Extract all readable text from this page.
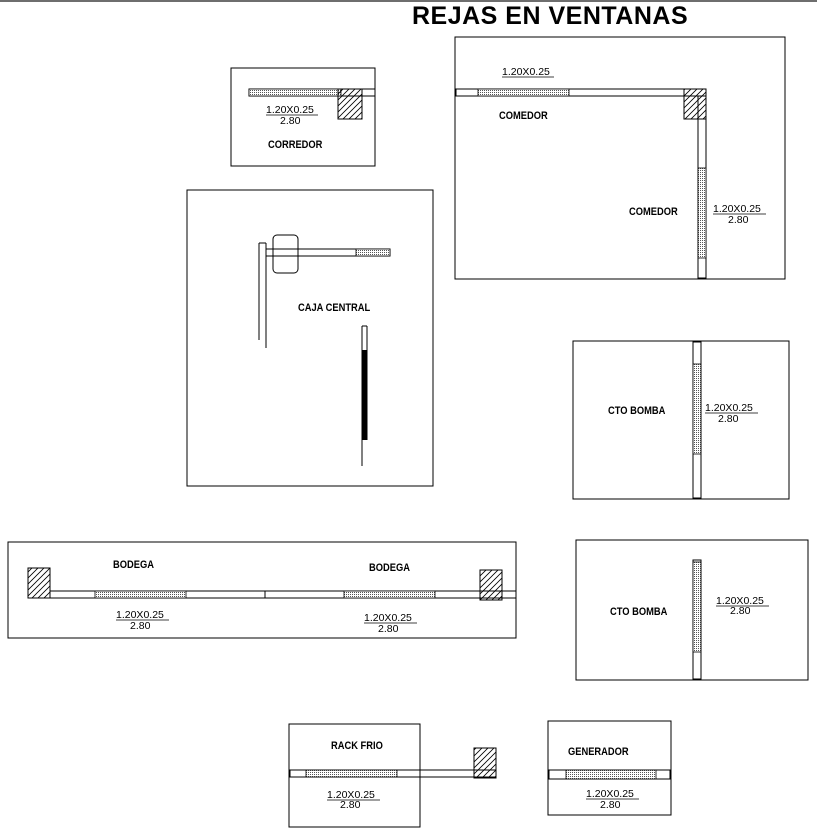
REJAS EN VENTANAS
1.20X0.25
2.80
CORREDOR
1.20X0.25
COMEDOR
COMEDOR	1.20X0.25
2.80
CAJA CENTRAL
CTO BOMBA	1.20X0.25
2.80
BODEGA	BODEGA
1.20X0.25
2.80
1.20X0.25
2.80
CTO BOMBA
1.20X0.25
2.80
RACK FRIO
1.20X0.25
2.80
GENERADOR
1.20X0.25
2.80
